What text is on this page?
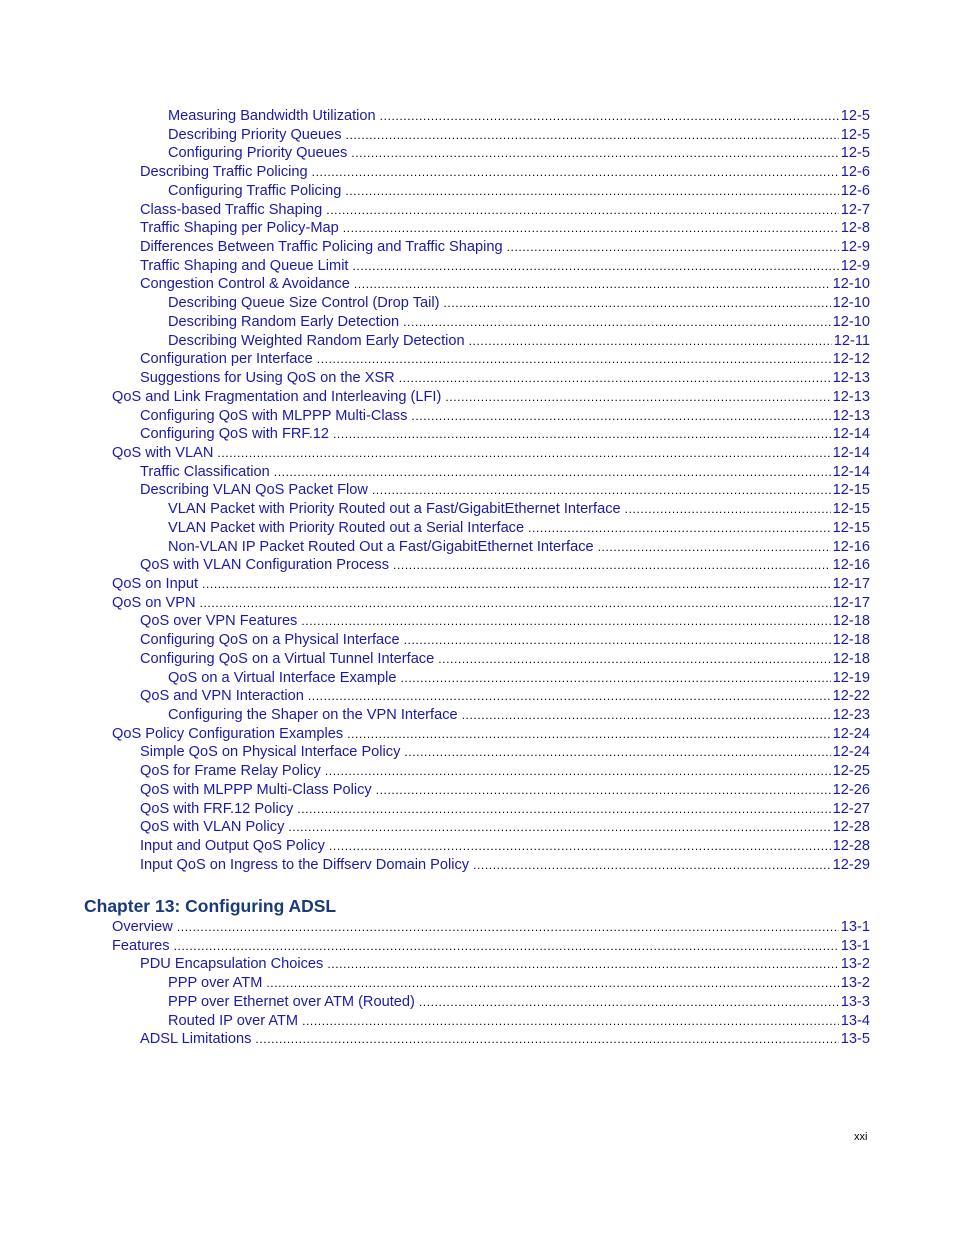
Measuring Bandwidth Utilization .....	12-5
Describing Priority Queues .....	12-5
Configuring Priority Queues .....	12-5
Describing Traffic Policing .....	12-6
Configuring Traffic Policing .....	12-6
Class-based Traffic Shaping .....	12-7
Traffic Shaping per Policy-Map .....	12-8
Differences Between Traffic Policing and Traffic Shaping .....	12-9
Traffic Shaping and Queue Limit .....	12-9
Congestion Control & Avoidance .....	12-10
Describing Queue Size Control (Drop Tail) .....	12-10
Describing Random Early Detection .....	12-10
Describing Weighted Random Early Detection .....	12-11
Configuration per Interface .....	12-12
Suggestions for Using QoS on the XSR .....	12-13
QoS and Link Fragmentation and Interleaving (LFI) .....	12-13
Configuring QoS with MLPPP Multi-Class .....	12-13
Configuring QoS with FRF.12 .....	12-14
QoS with VLAN .....	12-14
Traffic Classification .....	12-14
Describing VLAN QoS Packet Flow .....	12-15
VLAN Packet with Priority Routed out a Fast/GigabitEthernet Interface .....	12-15
VLAN Packet with Priority Routed out a Serial Interface .....	12-15
Non-VLAN IP Packet Routed Out a Fast/GigabitEthernet Interface .....	12-16
QoS with VLAN Configuration Process .....	12-16
QoS on Input .....	12-17
QoS on VPN .....	12-17
QoS over VPN Features .....	12-18
Configuring QoS on a Physical Interface .....	12-18
Configuring QoS on a Virtual Tunnel Interface .....	12-18
QoS on a Virtual Interface Example .....	12-19
QoS and VPN Interaction .....	12-22
Configuring the Shaper on the VPN Interface .....	12-23
QoS Policy Configuration Examples .....	12-24
Simple QoS on Physical Interface Policy .....	12-24
QoS for Frame Relay Policy .....	12-25
QoS with MLPPP Multi-Class Policy .....	12-26
QoS with FRF.12 Policy .....	12-27
QoS with VLAN Policy .....	12-28
Input and Output QoS Policy .....	12-28
Input QoS on Ingress to the Diffserv Domain Policy .....	12-29
Chapter 13: Configuring ADSL
Overview .....	13-1
Features .....	13-1
PDU Encapsulation Choices .....	13-2
PPP over ATM .....	13-2
PPP over Ethernet over ATM (Routed) .....	13-3
Routed IP over ATM .....	13-4
ADSL Limitations .....	13-5
xxi
